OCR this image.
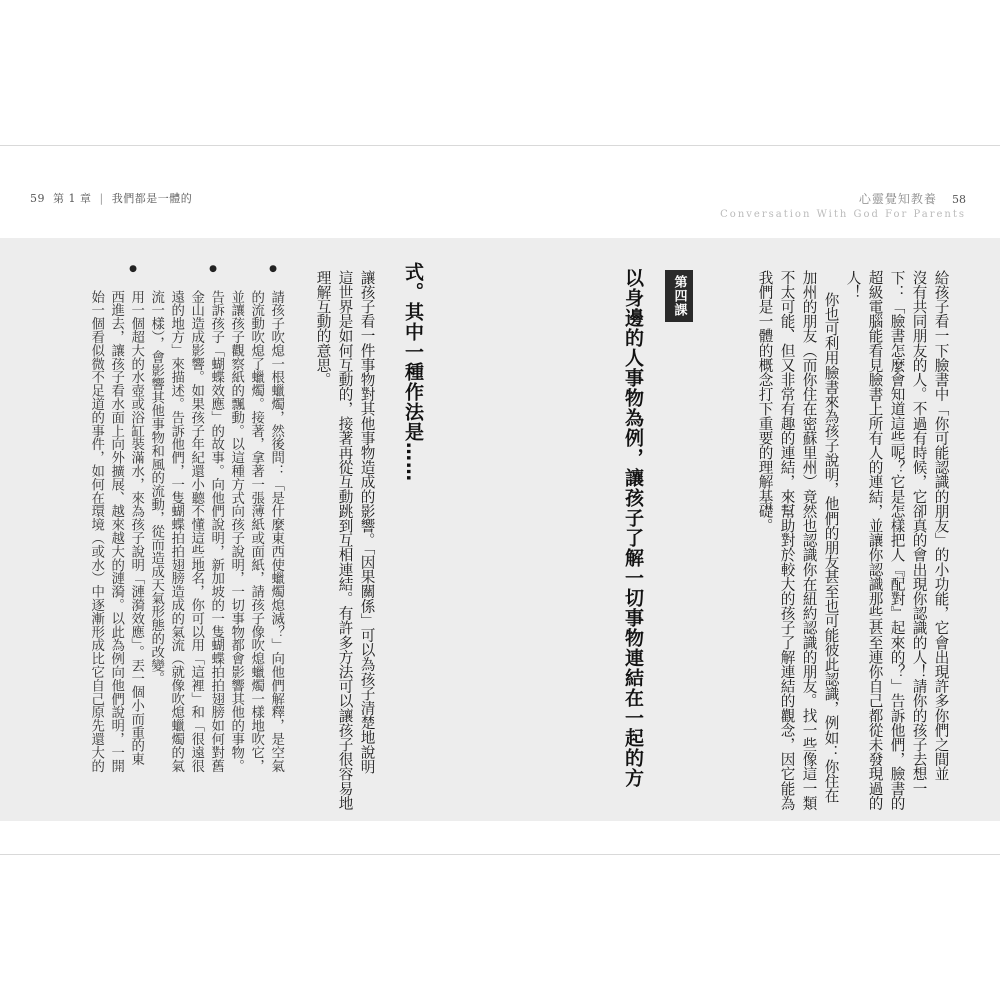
59 第 1 章 | 我們都是一體的	心靈覺知教養 58
Conversation With God For Parents
給孩子看一下臉書中「你可能認識的朋友」的小功能，它會出現許多你們之間並
沒有共同朋友的人。不過有時候，它卻真的會出現你認識的人！請你的孩子去想一
下：「臉書怎麼會知道這些呢？它是怎樣把人『配對』起來的？」告訴他們，臉書的
超級電腦能看見臉書上所有人的連結，並讓你認識那些甚至連你自己都從未發現過的
人！
你也可利用臉書來為孩子說明，他們的朋友甚至也可能彼此認識，例如：你住在
加州的朋友（而你住在密蘇里州）竟然也認識你在紐約認識的朋友。找一些像這一類
不太可能、但又非常有趣的連結，來幫助對於較大的孩子了解連結的觀念，因它能為
我們是一體的概念打下重要的理解基礎。
第四課
以身邊的人事物為例，讓孩子了解一切事物連結在一起的方
式。其中一種作法是……
讓孩子看一件事物對其他事物造成的影響。「因果關係」可以為孩子清楚地說明
這世界是如何互動的，接著再從互動跳到互相連結。有許多方法可以讓孩子很容易地
理解互動的意思。
●
請孩子吹熄一根蠟燭，然後問：「是什麼東西使蠟燭熄滅？」向他們解釋，是空氣
的流動吹熄了蠟燭。接著，拿著一張薄紙或面紙，請孩子像吹熄蠟燭一樣地吹它，
並讓孩子觀察紙的飄動。以這種方式向孩子說明，一切事物都會影響其他的事物。
●
告訴孩子「蝴蝶效應」的故事。向他們說明，新加坡的一隻蝴蝶拍拍翅膀如何對舊
金山造成影響。如果孩子年紀還小聽不懂這些地名，你可以用「這裡」和「很遠很
遠的地方」來描述。告訴他們，一隻蝴蝶拍拍翅膀造成的氣流（就像吹熄蠟燭的氣
流一樣），會影響其他事物和風的流動，從而造成天氣形態的改變。
●
用一個超大的水壺或浴缸裝滿水，來為孩子說明「漣漪效應」。丟一個小而重的東
西進去，讓孩子看水面上向外擴展、越來越大的漣漪。以此為例向他們說明，一開
始一個看似微不足道的事件，如何在環境（或水）中逐漸形成比它自己原先還大的
